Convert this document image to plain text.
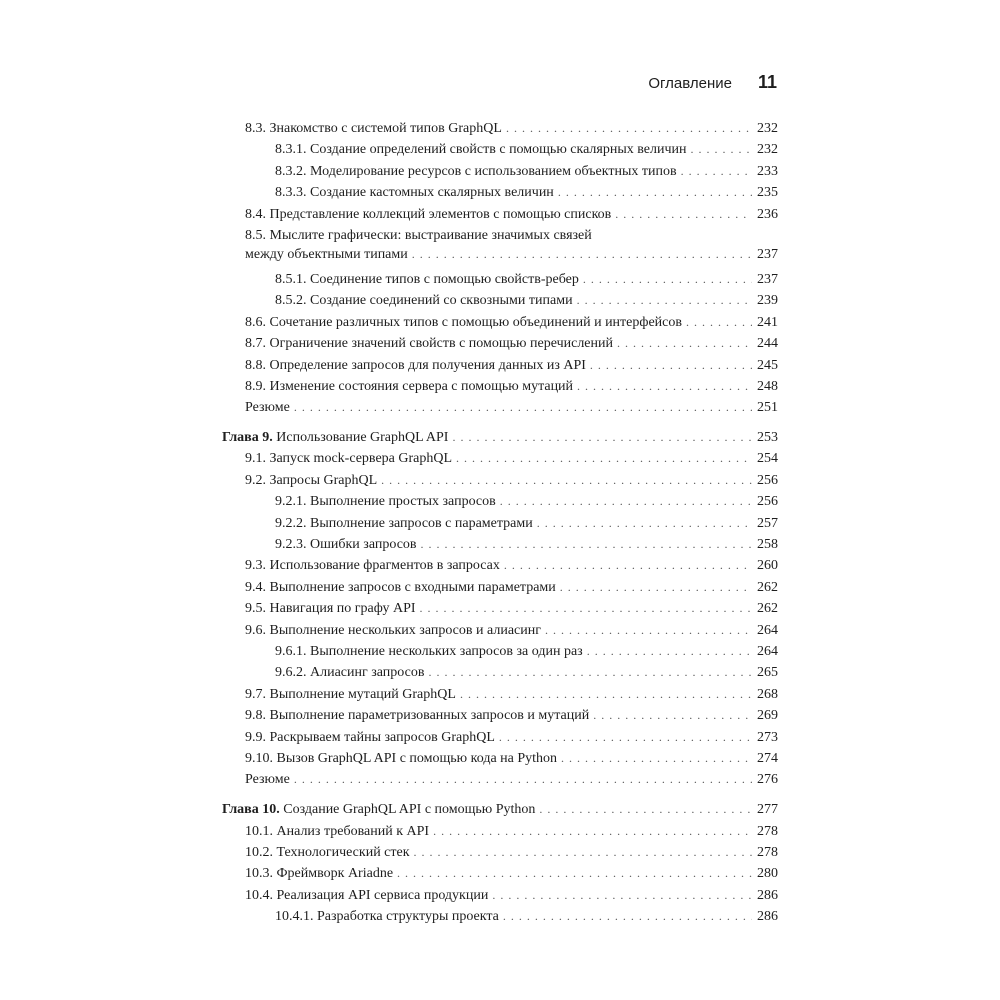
Оглавление 11
8.3. Знакомство с системой типов GraphQL . . .	232
8.3.1. Создание определений свойств с помощью скалярных величин . . .	232
8.3.2. Моделирование ресурсов с использованием объектных типов . . .	233
8.3.3. Создание кастомных скалярных величин . . .	235
8.4. Представление коллекций элементов с помощью списков . . .	236
8.5. Мыслите графически: выстраивание значимых связей
между объектными типами . . .	237
8.5.1. Соединение типов с помощью свойств-ребер . . .	237
8.5.2. Создание соединений со сквозными типами . . .	239
8.6. Сочетание различных типов с помощью объединений и интерфейсов . . .	241
8.7. Ограничение значений свойств с помощью перечислений . . .	244
8.8. Определение запросов для получения данных из API . . .	245
8.9. Изменение состояния сервера с помощью мутаций . . .	248
Резюме . . .	251
Глава 9. Использование GraphQL API . . .	253
9.1. Запуск mock-сервера GraphQL . . .	254
9.2. Запросы GraphQL . . .	256
9.2.1. Выполнение простых запросов . . .	256
9.2.2. Выполнение запросов с параметрами . . .	257
9.2.3. Ошибки запросов . . .	258
9.3. Использование фрагментов в запросах . . .	260
9.4. Выполнение запросов с входными параметрами . . .	262
9.5. Навигация по графу API . . .	262
9.6. Выполнение нескольких запросов и алиасинг . . .	264
9.6.1. Выполнение нескольких запросов за один раз . . .	264
9.6.2. Алиасинг запросов . . .	265
9.7. Выполнение мутаций GraphQL . . .	268
9.8. Выполнение параметризованных запросов и мутаций . . .	269
9.9. Раскрываем тайны запросов GraphQL . . .	273
9.10. Вызов GraphQL API с помощью кода на Python . . .	274
Резюме . . .	276
Глава 10. Создание GraphQL API с помощью Python . . .	277
10.1. Анализ требований к API . . .	278
10.2. Технологический стек . . .	278
10.3. Фреймворк Ariadne . . .	280
10.4. Реализация API сервиса продукции . . .	286
10.4.1. Разработка структуры проекта . . .	286
